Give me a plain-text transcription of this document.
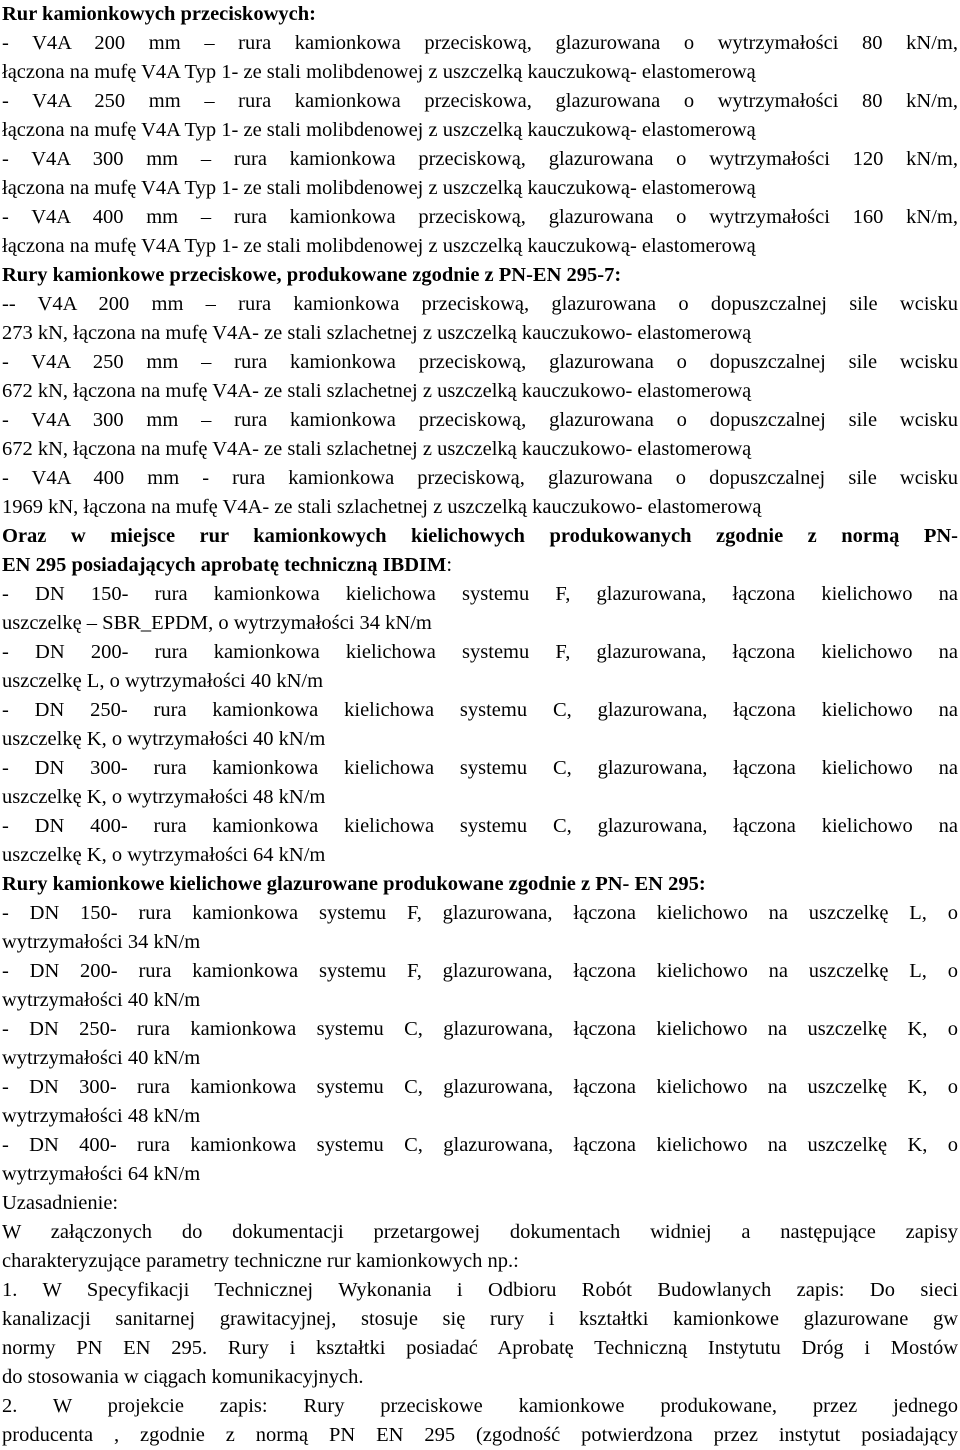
Rur kamionkowych przeciskowych:
- V4A 200 mm – rura kamionkowa przeciskową, glazurowana o wytrzymałości 80 kN/m,
łączona na mufę V4A Typ 1- ze stali molibdenowej z uszczelką kauczukową- elastomerową
- V4A 250 mm – rura kamionkowa przeciskowa, glazurowana o wytrzymałości 80 kN/m,
łączona na mufę V4A Typ 1- ze stali molibdenowej z uszczelką kauczukową- elastomerową
- V4A 300 mm – rura kamionkowa przeciskową, glazurowana o wytrzymałości 120 kN/m,
łączona na mufę V4A Typ 1- ze stali molibdenowej z uszczelką kauczukową- elastomerową
- V4A 400 mm – rura kamionkowa przeciskową, glazurowana o wytrzymałości 160 kN/m,
łączona na mufę V4A Typ 1- ze stali molibdenowej z uszczelką kauczukową- elastomerową
Rury kamionkowe przeciskowe, produkowane zgodnie z PN-EN 295-7:
-- V4A 200 mm – rura kamionkowa przeciskową, glazurowana o dopuszczalnej sile wcisku
273 kN, łączona na mufę V4A- ze stali szlachetnej z uszczelką kauczukowo- elastomerową
- V4A 250 mm – rura kamionkowa przeciskową, glazurowana o dopuszczalnej sile wcisku
672 kN, łączona na mufę V4A- ze stali szlachetnej z uszczelką kauczukowo- elastomerową
- V4A 300 mm – rura kamionkowa przeciskową, glazurowana o dopuszczalnej sile wcisku
672 kN, łączona na mufę V4A- ze stali szlachetnej z uszczelką kauczukowo- elastomerową
- V4A 400 mm - rura kamionkowa przeciskową, glazurowana o dopuszczalnej sile wcisku
1969 kN, łączona na mufę V4A- ze stali szlachetnej z uszczelką kauczukowo- elastomerową
Oraz w miejsce rur kamionkowych kielichowych produkowanych zgodnie z normą PN-
EN 295 posiadających aprobatę techniczną IBDIM:
- DN 150- rura kamionkowa kielichowa systemu F, glazurowana, łączona kielichowo na
uszczelkę – SBR_EPDM, o wytrzymałości 34 kN/m
- DN 200- rura kamionkowa kielichowa systemu F, glazurowana, łączona kielichowo na
uszczelkę L, o wytrzymałości 40 kN/m
- DN 250- rura kamionkowa kielichowa systemu C, glazurowana, łączona kielichowo na
uszczelkę K, o wytrzymałości 40 kN/m
- DN 300- rura kamionkowa kielichowa systemu C, glazurowana, łączona kielichowo na
uszczelkę K, o wytrzymałości 48 kN/m
- DN 400- rura kamionkowa kielichowa systemu C, glazurowana, łączona kielichowo na
uszczelkę K, o wytrzymałości 64 kN/m
Rury kamionkowe kielichowe glazurowane produkowane zgodnie z PN- EN 295:
- DN 150- rura kamionkowa systemu F, glazurowana, łączona kielichowo na uszczelkę L, o
wytrzymałości 34 kN/m
- DN 200- rura kamionkowa systemu F, glazurowana, łączona kielichowo na uszczelkę L, o
wytrzymałości 40 kN/m
- DN 250- rura kamionkowa systemu C, glazurowana, łączona kielichowo na uszczelkę K, o
wytrzymałości 40 kN/m
- DN 300- rura kamionkowa systemu C, glazurowana, łączona kielichowo na uszczelkę K, o
wytrzymałości 48 kN/m
- DN 400- rura kamionkowa systemu C, glazurowana, łączona kielichowo na uszczelkę K, o
wytrzymałości 64 kN/m
Uzasadnienie:
W załączonych do dokumentacji przetargowej dokumentach widniej a następujące zapisy
charakteryzujące parametry techniczne rur kamionkowych np.:
1. W Specyfikacji Technicznej Wykonania i Odbioru Robót Budowlanych zapis: Do sieci
kanalizacji sanitarnej grawitacyjnej, stosuje się rury i kształtki kamionkowe glazurowane gw
normy PN EN 295. Rury i kształtki posiadać Aprobatę Techniczną Instytutu Dróg i Mostów
do stosowania w ciągach komunikacyjnych.
2. W projekcie zapis: Rury przeciskowe kamionkowe produkowane, przez jednego
producenta , zgodnie z normą PN EN 295 (zgodność potwierdzona przez instytut posiadający
